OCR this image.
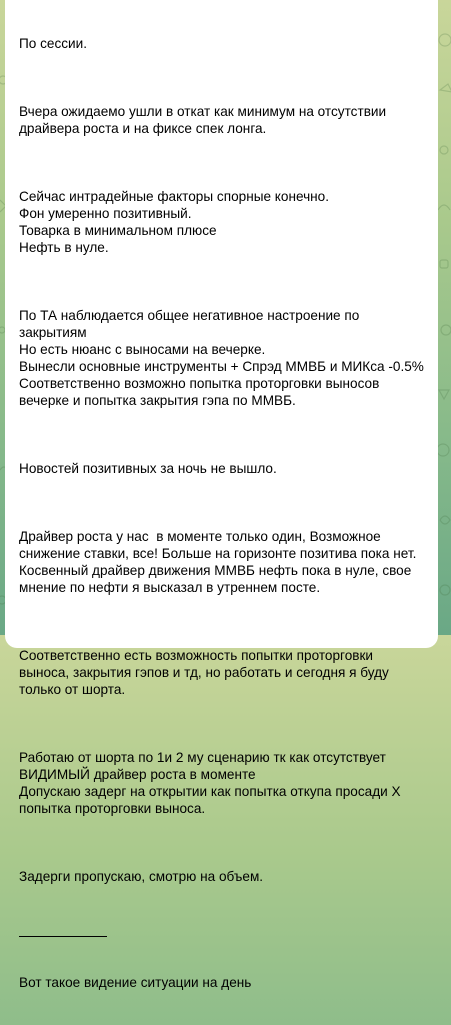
По сессии.

Вчера ожидаемо ушли в откат как минимум на отсутствии
драйвера роста и на фиксе спек лонга.

Сейчас интрадейные факторы спорные конечно.
Фон умеренно позитивный.
Товарка в минимальном плюсе
Нефть в нуле.

По ТА наблюдается общее негативное настроение по закрытиям
Но есть нюанс с выносами на вечерке.
Вынесли основные инструменты + Спрэд ММВБ и МИКса -0.5%
Соответственно возможно попытка проторговки выносов
вечерке и попытка закрытия гэпа по ММВБ.

Новостей позитивных за ночь не вышло.

Драйвер роста у нас  в моменте только один, Возможное
снижение ставки, все! Больше на горизонте позитива пока нет.
Косвенный драйвер движения ММВБ нефть пока в нуле, свое
мнение по нефти я высказал в утреннем посте.

Соответственно есть возможность попытки проторговки
выноса, закрытия гэпов и тд, но работать и сегодня я буду
только от шорта.

Работаю от шорта по 1и 2 му сценарию тк как отсутствует
ВИДИМЫЙ драйвер роста в моменте
Допускаю задерг на открытии как попытка откупа просади Х
попытка проторговки выноса.

Задерги пропускаю, смотрю на объем.

Вот такое видение ситуации на день
